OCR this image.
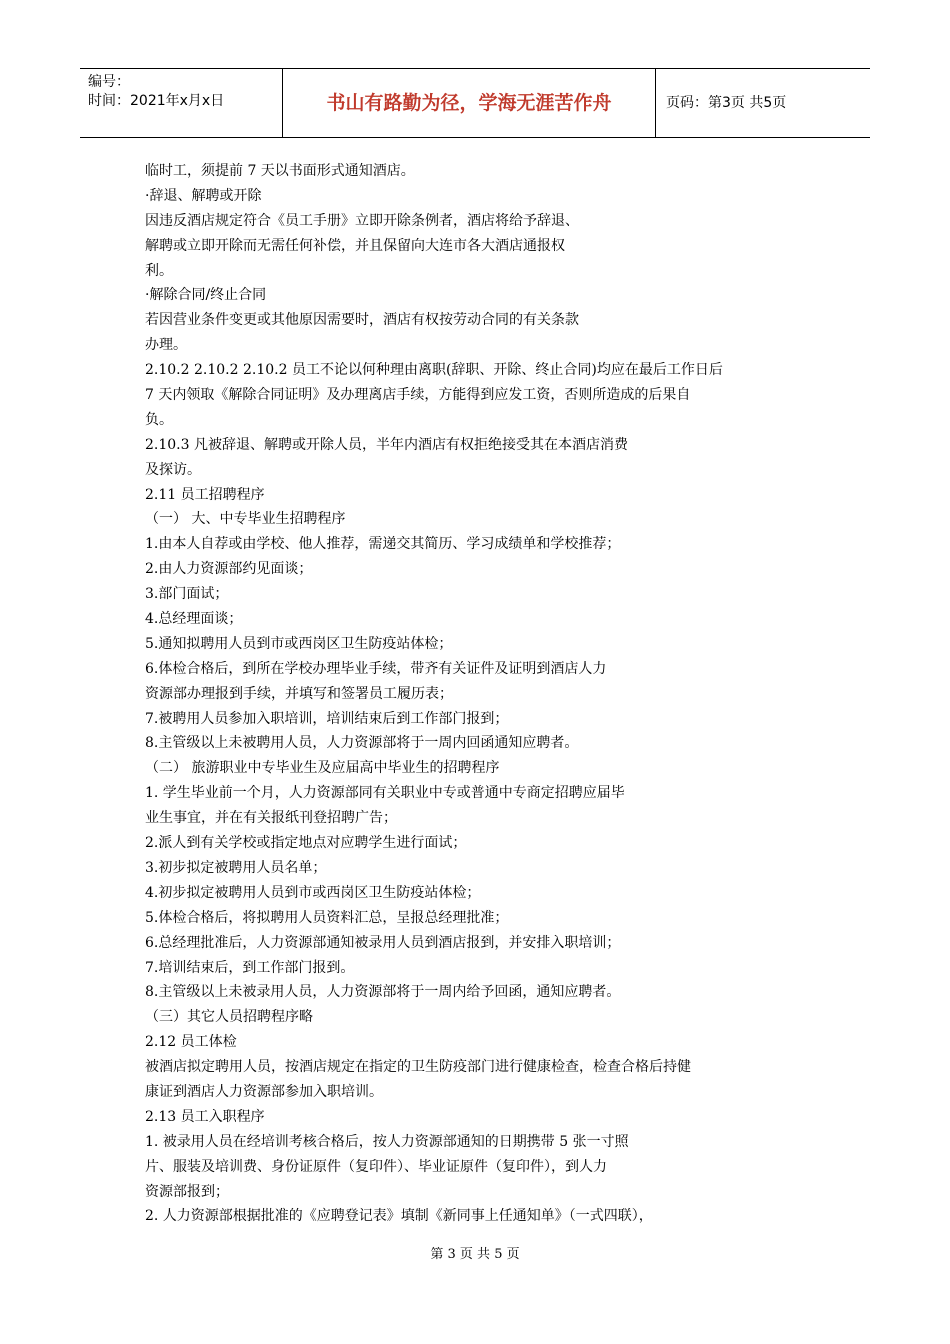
编号：
时间：2021年x月x日	书山有路勤为径，学海无涯苦作舟	页码：第3页 共5页
临时工，须提前 7 天以书面形式通知酒店。
·辞退、解聘或开除
因违反酒店规定符合《员工手册》立即开除条例者，酒店将给予辞退、
解聘或立即开除而无需任何补偿，并且保留向大连市各大酒店通报权
利。
·解除合同/终止合同
若因营业条件变更或其他原因需要时，酒店有权按劳动合同的有关条款
办理。
2.10.2 2.10.2 2.10.2 员工不论以何种理由离职(辞职、开除、终止合同)均应在最后工作日后
7 天内领取《解除合同证明》及办理离店手续，方能得到应发工资，否则所造成的后果自
负。
2.10.3 凡被辞退、解聘或开除人员，半年内酒店有权拒绝接受其在本酒店消费
及探访。
2.11 员工招聘程序
（一） 大、中专毕业生招聘程序
1.由本人自荐或由学校、他人推荐，需递交其简历、学习成绩单和学校推荐；
2.由人力资源部约见面谈；
3.部门面试；
4.总经理面谈；
5.通知拟聘用人员到市或西岗区卫生防疫站体检；
6.体检合格后，到所在学校办理毕业手续，带齐有关证件及证明到酒店人力
资源部办理报到手续，并填写和签署员工履历表；
7.被聘用人员参加入职培训，培训结束后到工作部门报到；
8.主管级以上未被聘用人员，人力资源部将于一周内回函通知应聘者。
（二） 旅游职业中专毕业生及应届高中毕业生的招聘程序
1. 学生毕业前一个月，人力资源部同有关职业中专或普通中专商定招聘应届毕
业生事宜，并在有关报纸刊登招聘广告；
2.派人到有关学校或指定地点对应聘学生进行面试；
3.初步拟定被聘用人员名单；
4.初步拟定被聘用人员到市或西岗区卫生防疫站体检；
5.体检合格后，将拟聘用人员资料汇总，呈报总经理批准；
6.总经理批准后，人力资源部通知被录用人员到酒店报到，并安排入职培训；
7.培训结束后，到工作部门报到。
8.主管级以上未被录用人员，人力资源部将于一周内给予回函，通知应聘者。
（三）其它人员招聘程序略
2.12 员工体检
被酒店拟定聘用人员，按酒店规定在指定的卫生防疫部门进行健康检查，检查合格后持健
康证到酒店人力资源部参加入职培训。
2.13 员工入职程序
1. 被录用人员在经培训考核合格后，按人力资源部通知的日期携带 5 张一寸照
片、服装及培训费、身份证原件（复印件）、毕业证原件（复印件），到人力
资源部报到；
2. 人力资源部根据批准的《应聘登记表》填制《新同事上任通知单》（一式四联），
第 3 页 共 5 页
